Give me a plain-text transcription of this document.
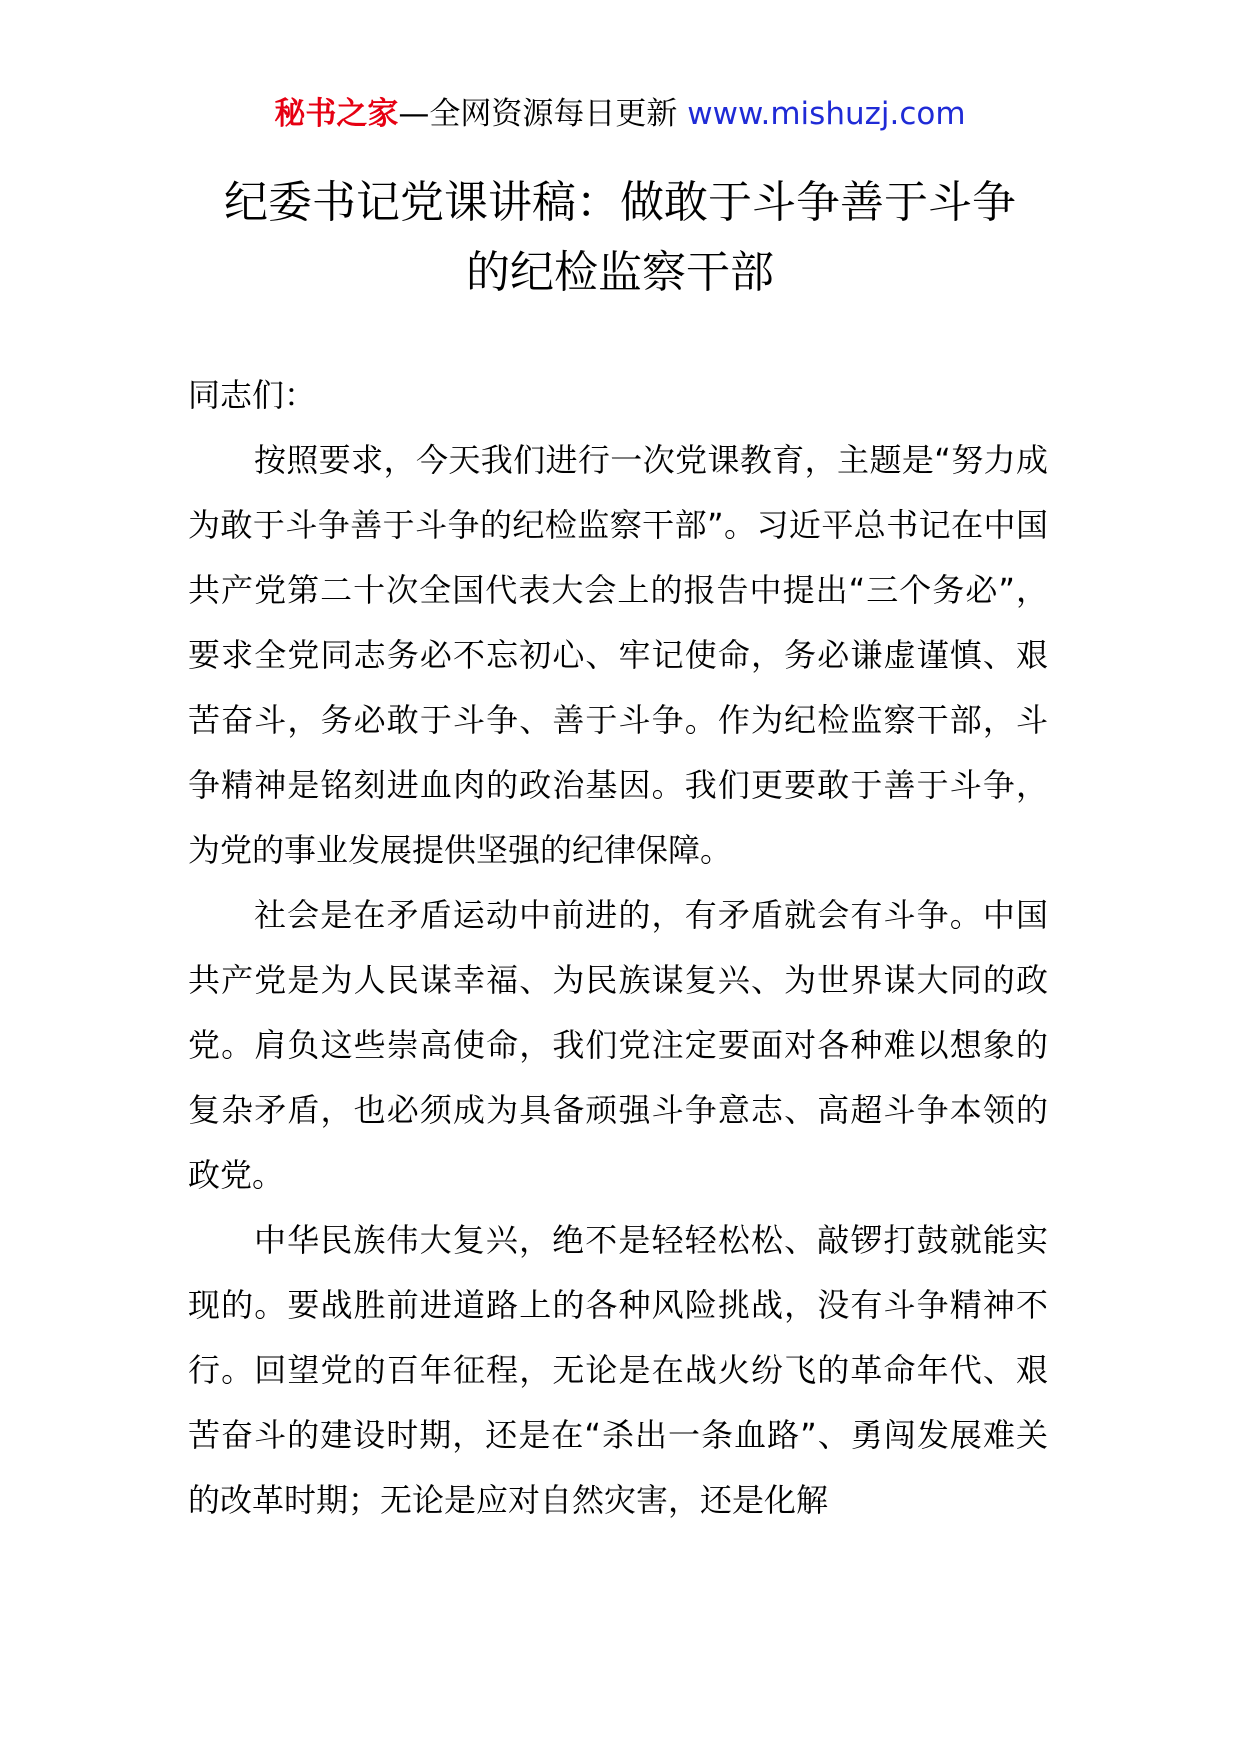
秘书之家—全网资源每日更新 www.mishuzj.com
纪委书记党课讲稿：做敢于斗争善于斗争
的纪检监察干部

同志们：

按照要求，今天我们进行一次党课教育，主题是“努力成为敢于斗争善于斗争的纪检监察干部”。习近平总书记在中国共产党第二十次全国代表大会上的报告中提出“三个务必”，要求全党同志务必不忘初心、牢记使命，务必谦虚谨慎、艰苦奋斗，务必敢于斗争、善于斗争。作为纪检监察干部，斗争精神是铭刻进血肉的政治基因。我们更要敢于善于斗争，为党的事业发展提供坚强的纪律保障。

社会是在矛盾运动中前进的，有矛盾就会有斗争。中国共产党是为人民谋幸福、为民族谋复兴、为世界谋大同的政党。肩负这些崇高使命，我们党注定要面对各种难以想象的复杂矛盾，也必须成为具备顽强斗争意志、高超斗争本领的政党。

中华民族伟大复兴，绝不是轻轻松松、敲锣打鼓就能实现的。要战胜前进道路上的各种风险挑战，没有斗争精神不行。回望党的百年征程，无论是在战火纷飞的革命年代、艰苦奋斗的建设时期，还是在“杀出一条血路”、勇闯发展难关的改革时期；无论是应对自然灾害，还是化解
